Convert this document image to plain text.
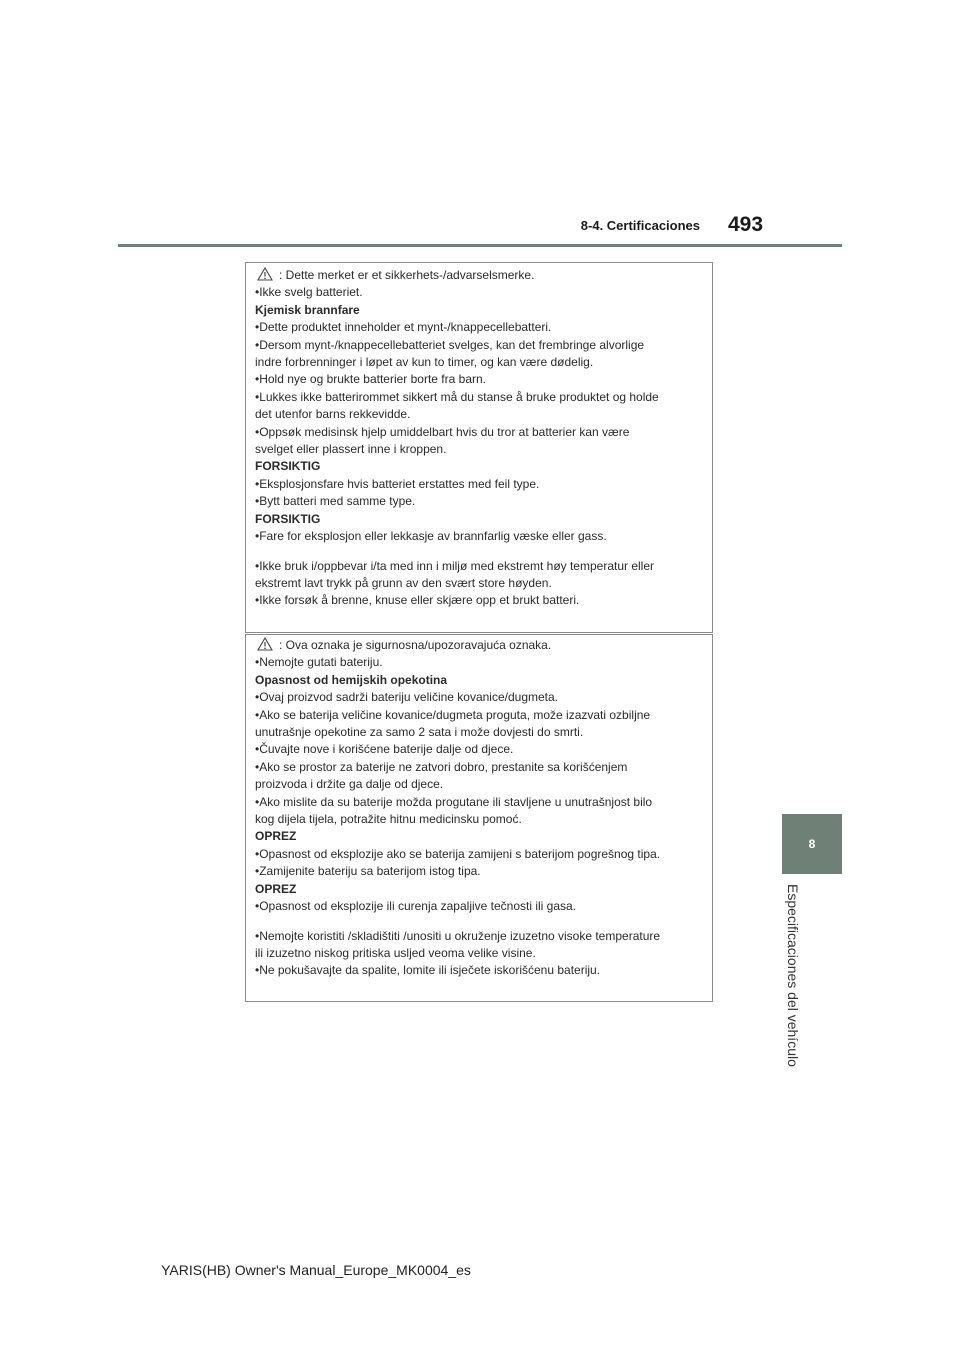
8-4. Certificaciones 493
8
Especificaciones del vehículo

: Dette merket er et sikkerhets-/advarselsmerke.

•Ikke svelg batteriet.

Kjemisk brannfare

•Dette produktet inneholder et mynt-/knappecellebatteri.

•Dersom mynt-/knappecellebatteriet svelges, kan det frembringe alvorlige

indre forbrenninger i løpet av kun to timer, og kan være dødelig.

•Hold nye og brukte batterier borte fra barn.

•Lukkes ikke batterirommet sikkert må du stanse å bruke produktet og holde

det utenfor barns rekkevidde.

•Oppsøk medisinsk hjelp umiddelbart hvis du tror at batterier kan være

svelget eller plassert inne i kroppen.

FORSIKTIG

•Eksplosjonsfare hvis batteriet erstattes med feil type.

•Bytt batteri med samme type.

FORSIKTIG

•Fare for eksplosjon eller lekkasje av brannfarlig væske eller gass.

•Ikke bruk i/oppbevar i/ta med inn i miljø med ekstremt høy temperatur eller

ekstremt lavt trykk på grunn av den svært store høyden.

•Ikke forsøk å brenne, knuse eller skjære opp et brukt batteri.

: Ova oznaka je sigurnosna/upozoravajuća oznaka.

•Nemojte gutati bateriju.

Opasnost od hemijskih opekotina

•Ovaj proizvod sadrži bateriju veličine kovanice/dugmeta.

•Ako se baterija veličine kovanice/dugmeta proguta, može izazvati ozbiljne

unutrašnje opekotine za samo 2 sata i može dovjesti do smrti.

•Čuvajte nove i korišćene baterije dalje od djece.

•Ako se prostor za baterije ne zatvori dobro, prestanite sa korišćenjem

proizvoda i držite ga dalje od djece.

•Ako mislite da su baterije možda progutane ili stavljene u unutrašnjost bilo

kog dijela tijela, potražite hitnu medicinsku pomoć.

OPREZ

•Opasnost od eksplozije ako se baterija zamijeni s baterijom pogrešnog tipa.

•Zamijenite bateriju sa baterijom istog tipa.

OPREZ

•Opasnost od eksplozije ili curenja zapaljive tečnosti ili gasa.

•Nemojte koristiti /skladištiti /unositi u okruženje izuzetno visoke temperature

ili izuzetno niskog pritiska usljed veoma velike visine.

•Ne pokušavajte da spalite, lomite ili isječete iskorišćenu bateriju.

YARIS(HB) Owner's Manual_Europe_MK0004_es
